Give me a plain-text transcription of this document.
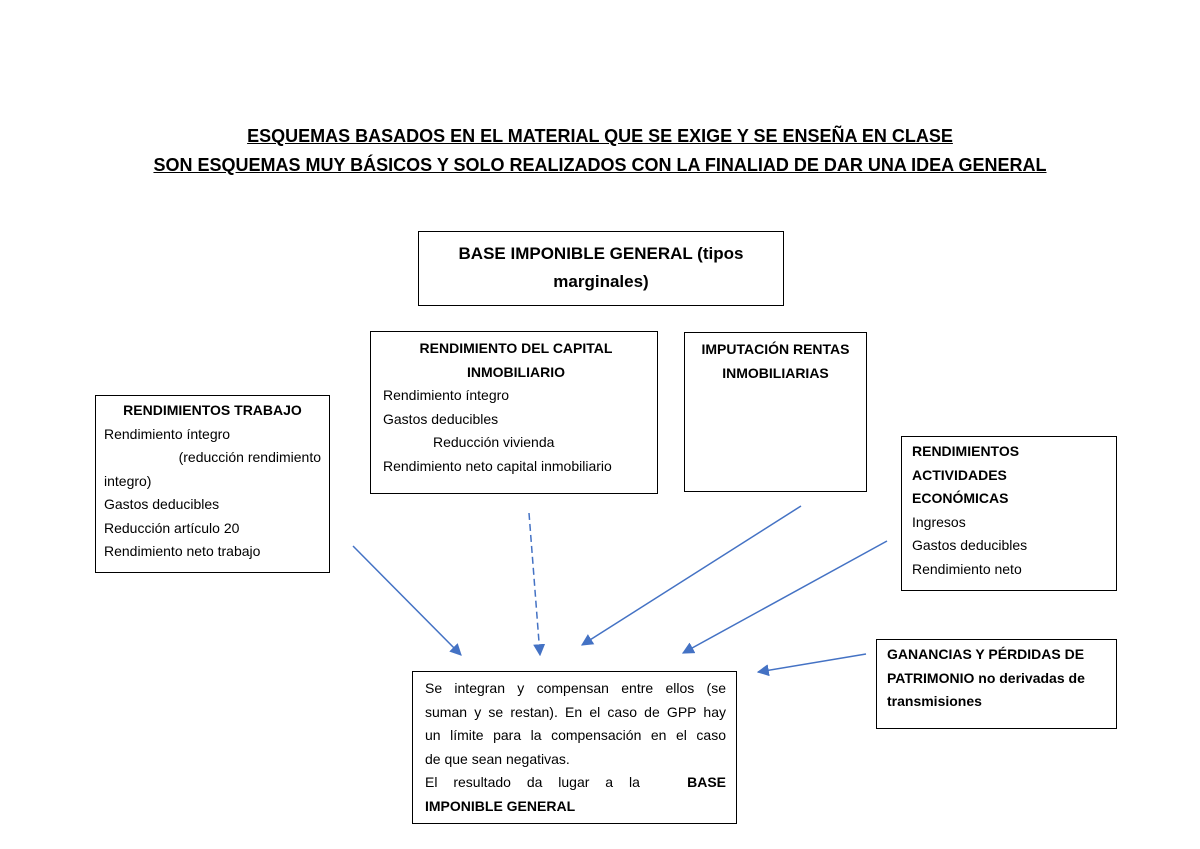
ESQUEMAS BASADOS EN EL MATERIAL QUE SE EXIGE Y SE ENSEÑA EN CLASE
SON ESQUEMAS MUY BÁSICOS Y SOLO REALIZADOS CON LA FINALIAD DE DAR UNA IDEA GENERAL
BASE IMPONIBLE GENERAL (tipos
marginales)
RENDIMIENTOS TRABAJO
Rendimiento íntegro
(reducción rendimiento
integro)
Gastos deducibles
Reducción artículo 20
Rendimiento neto trabajo
RENDIMIENTO DEL CAPITAL
INMOBILIARIO
Rendimiento íntegro
Gastos deducibles
Reducción vivienda
Rendimiento neto capital inmobiliario
IMPUTACIÓN RENTAS
INMOBILIARIAS
RENDIMIENTOS
ACTIVIDADES
ECONÓMICAS
Ingresos
Gastos deducibles
Rendimiento neto
GANANCIAS Y PÉRDIDAS DE
PATRIMONIO no derivadas de
transmisiones
Se integran y compensan entre ellos (se
suman y se restan). En el caso de GPP hay
un límite para la compensación en el caso
de que sean negativas.
El resultado da lugar a la	BASE
IMPONIBLE GENERAL
